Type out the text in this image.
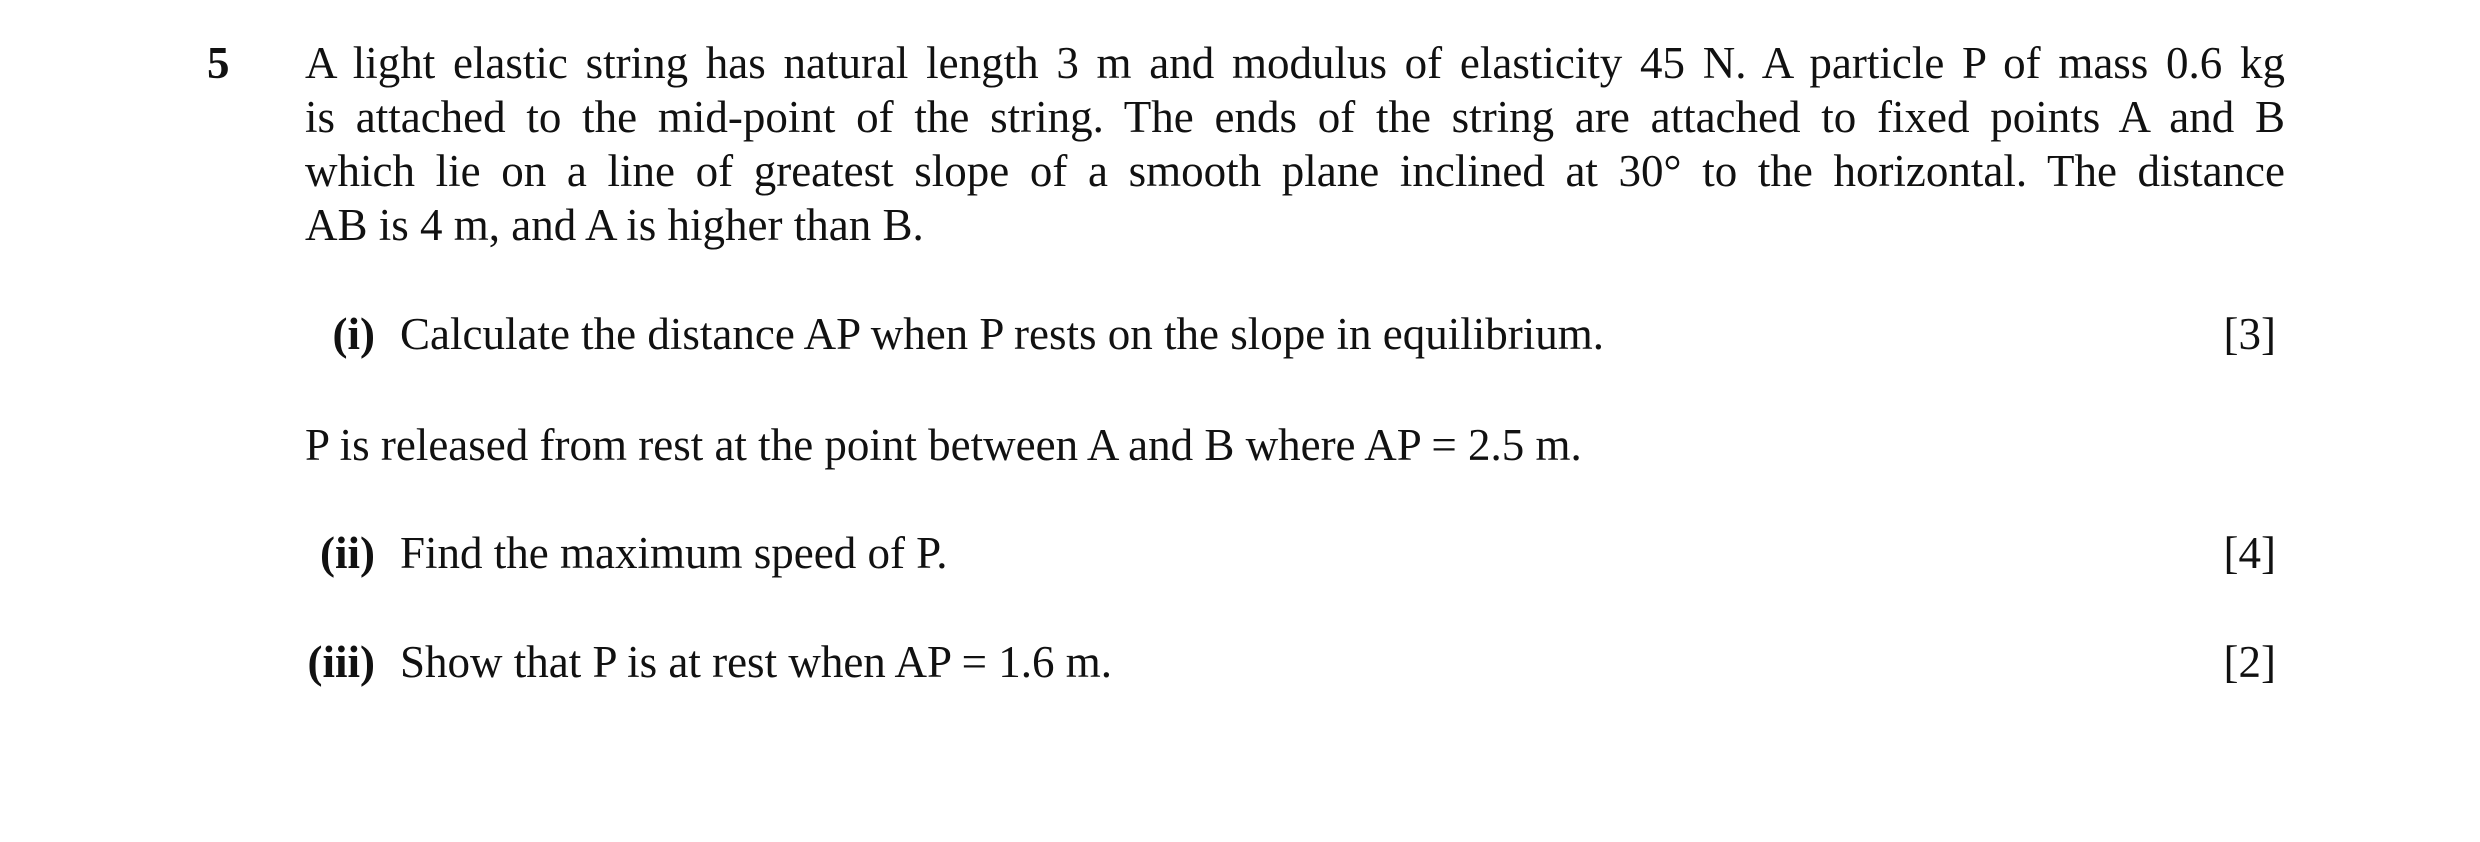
5 A light elastic string has natural length 3 m and modulus of elasticity 45 N. A particle P of mass 0.6 kg
is attached to the mid-point of the string. The ends of the string are attached to fixed points A and B
which lie on a line of greatest slope of a smooth plane inclined at 30° to the horizontal. The distance
AB is 4 m, and A is higher than B.
(i) Calculate the distance AP when P rests on the slope in equilibrium.	[3]
P is released from rest at the point between A and B where AP = 2.5 m.
(ii) Find the maximum speed of P.	[4]
(iii) Show that P is at rest when AP = 1.6 m.	[2]
